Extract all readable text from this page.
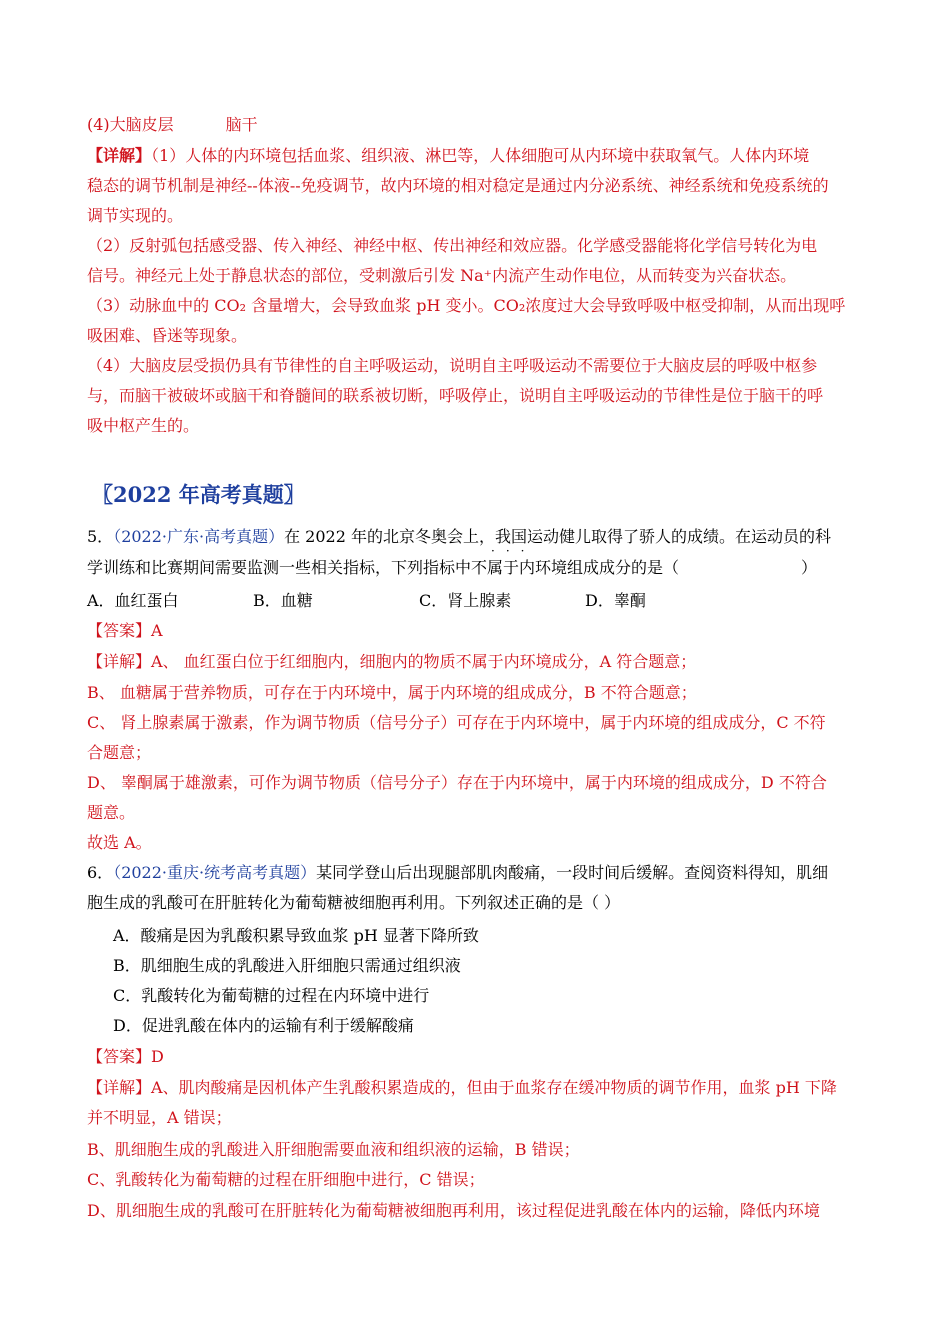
(4)大脑皮层	脑干
【详解】（1）人体的内环境包括血浆、组织液、淋巴等，人体细胞可从内环境中获取氧气。人体内环境
稳态的调节机制是神经--体液--免疫调节，故内环境的相对稳定是通过内分泌系统、神经系统和免疫系统的
调节实现的。
（2）反射弧包括感受器、传入神经、神经中枢、传出神经和效应器。化学感受器能将化学信号转化为电
信号。神经元上处于静息状态的部位，受刺激后引发 Na⁺内流产生动作电位，从而转变为兴奋状态。
（3）动脉血中的 CO₂ 含量增大，会导致血浆 pH 变小。CO₂浓度过大会导致呼吸中枢受抑制，从而出现呼
吸困难、昏迷等现象。
（4）大脑皮层受损仍具有节律性的自主呼吸运动，说明自主呼吸运动不需要位于大脑皮层的呼吸中枢参
与，而脑干被破坏或脑干和脊髓间的联系被切断，呼吸停止，说明自主呼吸运动的节律性是位于脑干的呼
吸中枢产生的。
〖2022 年高考真题〗
5．（2022·广东·高考真题）在 2022 年的北京冬奥会上，我国运动健儿取得了骄人的成绩。在运动员的科
···
学训练和比赛期间需要监测一些相关指标，下列指标中不属于内环境组成成分的是（	）
A．血红蛋白	B．血糖	C．肾上腺素	D．睾酮
【答案】A
【详解】A、 血红蛋白位于红细胞内，细胞内的物质不属于内环境成分，A 符合题意；
B、 血糖属于营养物质，可存在于内环境中，属于内环境的组成成分，B 不符合题意；
C、 肾上腺素属于激素，作为调节物质（信号分子）可存在于内环境中，属于内环境的组成成分，C 不符
合题意；
D、 睾酮属于雄激素，可作为调节物质（信号分子）存在于内环境中，属于内环境的组成成分，D 不符合
题意。
故选 A。
6．（2022·重庆·统考高考真题）某同学登山后出现腿部肌肉酸痛，一段时间后缓解。查阅资料得知，肌细
胞生成的乳酸可在肝脏转化为葡萄糖被细胞再利用。下列叙述正确的是（ ）
A．酸痛是因为乳酸积累导致血浆 pH 显著下降所致
B．肌细胞生成的乳酸进入肝细胞只需通过组织液
C．乳酸转化为葡萄糖的过程在内环境中进行
D．促进乳酸在体内的运输有利于缓解酸痛
【答案】D
【详解】A、肌肉酸痛是因机体产生乳酸积累造成的，但由于血浆存在缓冲物质的调节作用，血浆 pH 下降
并不明显，A 错误；
B、肌细胞生成的乳酸进入肝细胞需要血液和组织液的运输，B 错误；
C、乳酸转化为葡萄糖的过程在肝细胞中进行，C 错误；
D、肌细胞生成的乳酸可在肝脏转化为葡萄糖被细胞再利用，该过程促进乳酸在体内的运输，降低内环境
